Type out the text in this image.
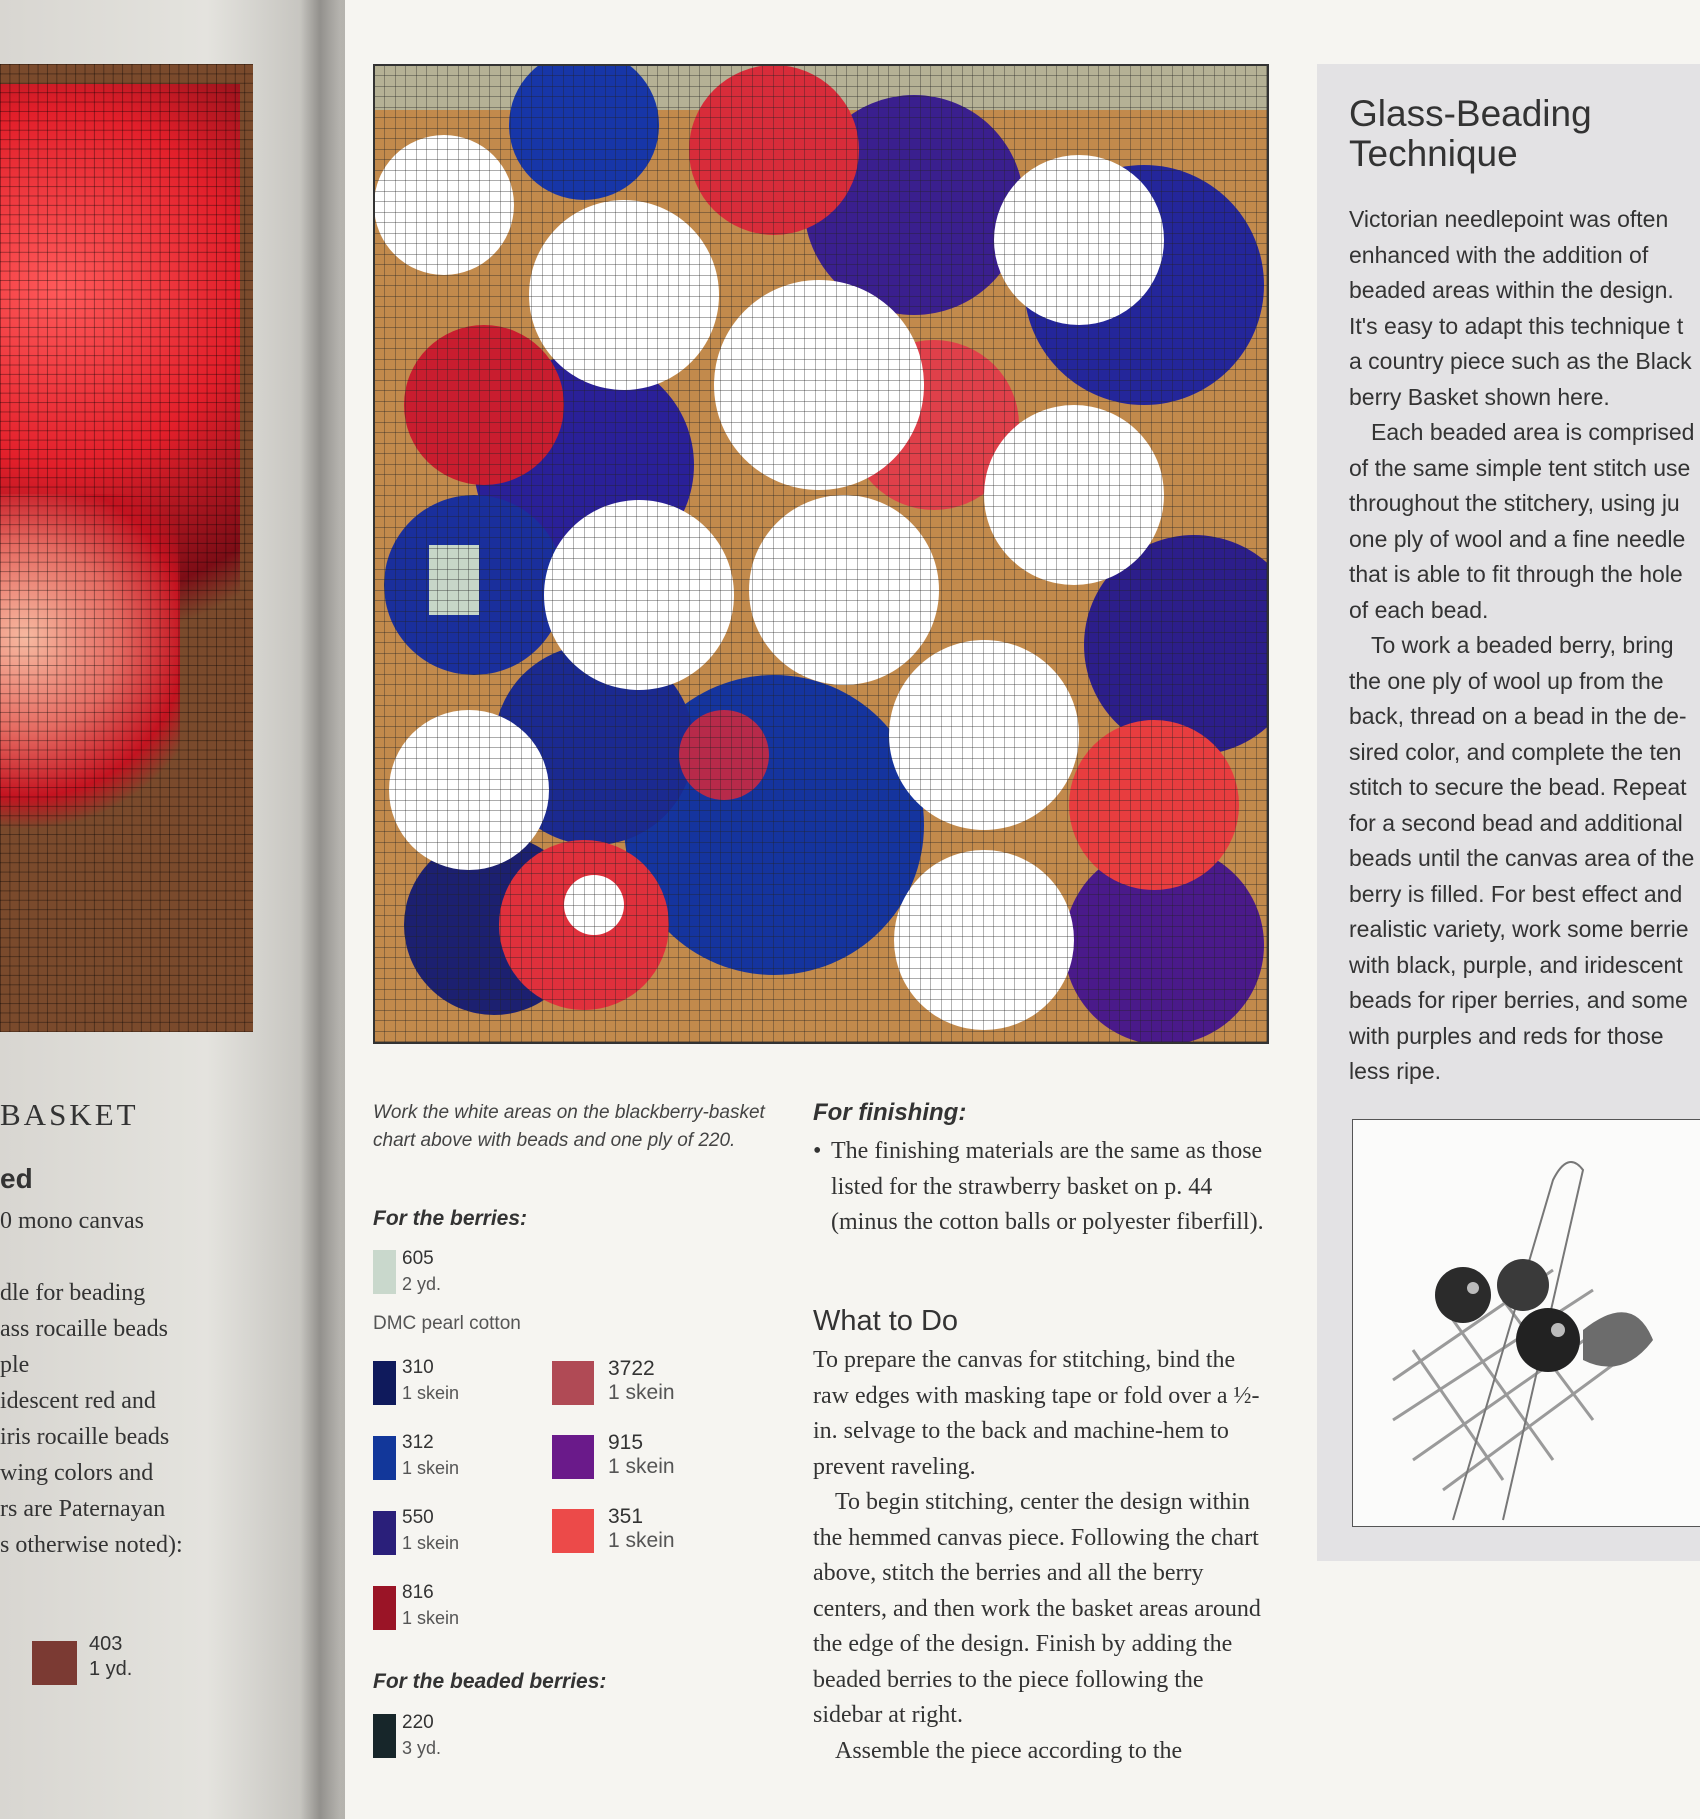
BASKET
ed
0 mono canvas

dle for beading
ass rocaille beads
ple
idescent red and
iris rocaille beads
wing colors and
rs are Paternayan
s otherwise noted):
403
1 yd.
Work the white areas on the blackberry-basket chart above with beads and one ply of 220.
For the berries:
605
2 yd.
DMC pearl cotton
310
1 skein
312
1 skein
550
1 skein
816
1 skein
3722
1 skein
915
1 skein
351
1 skein
For the beaded berries:
220
3 yd.
For finishing:
• The finishing materials are the same as those listed for the strawberry basket on p. 44 (minus the cotton balls or polyester fiberfill).
What to Do

To prepare the canvas for stitching, bind the raw edges with masking tape or fold over a ½-in. selvage to the back and machine-hem to prevent raveling.

To begin stitching, center the design within the hemmed canvas piece. Following the chart above, stitch the berries and all the berry centers, and then work the basket areas around the edge of the design. Finish by adding the beaded berries to the piece following the sidebar at right.

Assemble the piece according to the

Glass-Beading
Technique
Victorian needlepoint was often
enhanced with the addition of
beaded areas within the design.
It's easy to adapt this technique t
a country piece such as the Black
berry Basket shown here.
Each beaded area is comprised
of the same simple tent stitch use
throughout the stitchery, using ju
one ply of wool and a fine needle
that is able to fit through the hole
of each bead.
To work a beaded berry, bring
the one ply of wool up from the
back, thread on a bead in the de-
sired color, and complete the ten
stitch to secure the bead. Repeat
for a second bead and additional
beads until the canvas area of the
berry is filled. For best effect and
realistic variety, work some berrie
with black, purple, and iridescent
beads for riper berries, and some
with purples and reds for those
less ripe.
